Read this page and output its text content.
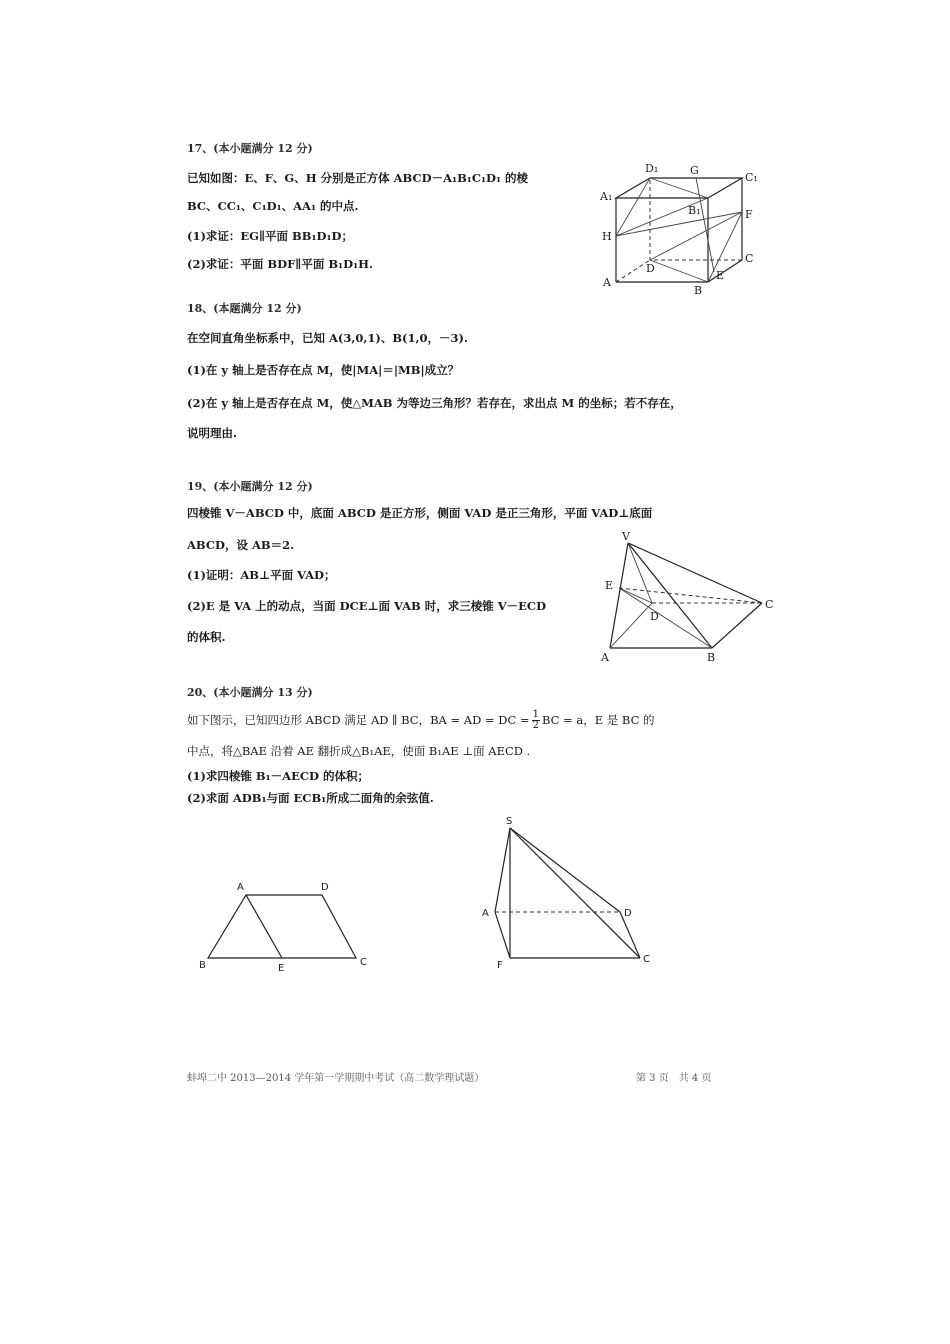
17、(本小题满分 12 分)
已知如图：E、F、G、H 分别是正方体 ABCD－A₁B₁C₁D₁ 的棱
BC、CC₁、C₁D₁、AA₁ 的中点.
(1)求证：EG∥平面 BB₁D₁D；
(2)求证：平面 BDF∥平面 B₁D₁H.
D₁	G
C₁
A₁
B₁	F
H
D
C
E
A
B
18、(本题满分 12 分)
在空间直角坐标系中，已知 A(3,0,1)、B(1,0，－3).
(1)在 y 轴上是否存在点 M，使|MA|＝|MB|成立？
(2)在 y 轴上是否存在点 M，使△MAB 为等边三角形？若存在，求出点 M 的坐标；若不存在，
说明理由.
19、(本小题满分 12 分)
四棱锥 V－ABCD 中，底面 ABCD 是正方形，侧面 VAD 是正三角形，平面 VAD⊥底面
ABCD，设 AB＝2.
(1)证明：AB⊥平面 VAD；
(2)E 是 VA 上的动点，当面 DCE⊥面 VAB 时，求三棱锥 V－ECD
的体积.
V
E
D
C
A	B
20、(本小题满分 13 分)
如下图示，已知四边形 ABCD 满足 AD ∥ BC，BA = AD = DC = $\frac{1}{2}$ BC = a，E 是 BC 的
中点，将△BAE 沿着 AE 翻折成△B₁AE，使面 B₁AE ⊥面 AECD .
(1)求四棱锥 B₁－AECD 的体积；
(2)求面 ADB₁与面 ECB₁所成二面角的余弦值.
A	D
B	E
C
S
A	D
F
C
蚌埠二中 2013—2014 学年第一学期期中考试（高二数学理试题）	第 3 页　共 4 页
